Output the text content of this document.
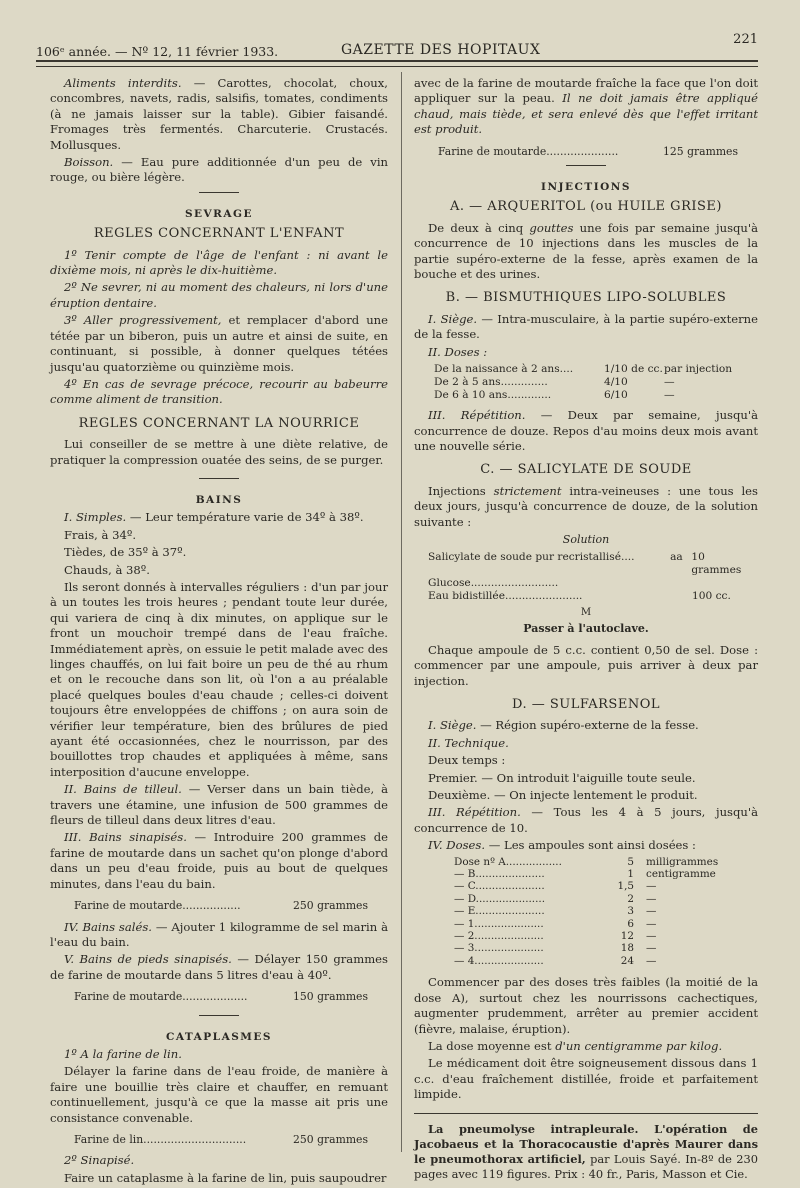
106ᵉ année. — Nº 12, 11 février 1933.	GAZETTE DES HOPITAUX
221

Aliments interdits. — Carottes, chocolat, choux, concombres, navets, radis, salsifis, tomates, condiments (à ne jamais laisser sur la table). Gibier faisandé. Fromages très fermentés. Charcuterie. Crustacés. Mollusques.

Boisson. — Eau pure additionnée d'un peu de vin rouge, ou bière légère.

SEVRAGE
REGLES CONCERNANT L'ENFANT

1º Tenir compte de l'âge de l'enfant : ni avant le dixième mois, ni après le dix-huitième.

2º Ne sevrer, ni au moment des chaleurs, ni lors d'une éruption dentaire.

3º Aller progressivement, et remplacer d'abord une tétée par un biberon, puis un autre et ainsi de suite, en continuant, si possible, à donner quelques tétées jusqu'au quatorzième ou quinzième mois.

4º En cas de sevrage précoce, recourir au babeurre comme aliment de transition.

REGLES CONCERNANT LA NOURRICE

Lui conseiller de se mettre à une diète relative, de pratiquer la compression ouatée des seins, de se purger.

BAINS

I. Simples. — Leur température varie de 34º à 38º.

Frais, à 34º.

Tièdes, de 35º à 37º.

Chauds, à 38º.

Ils seront donnés à intervalles réguliers : d'un par jour à un toutes les trois heures ; pendant toute leur durée, qui variera de cinq à dix minutes, on applique sur le front un mouchoir trempé dans de l'eau fraîche. Immédiatement après, on essuie le petit malade avec des linges chauffés, on lui fait boire un peu de thé au rhum et on le recouche dans son lit, où l'on a au préalable placé quelques boules d'eau chaude ; celles-ci doivent toujours être enveloppées de chiffons ; on aura soin de vérifier leur température, bien des brûlures de pied ayant été occasionnées, chez le nourrisson, par des bouillottes trop chaudes et appliquées à même, sans interposition d'aucune enveloppe.

II. Bains de tilleul. — Verser dans un bain tiède, à travers une étamine, une infusion de 500 grammes de fleurs de tilleul dans deux litres d'eau.

III. Bains sinapisés. — Introduire 200 grammes de farine de moutarde dans un sachet qu'on plonge d'abord dans un peu d'eau froide, puis au bout de quelques minutes, dans l'eau du bain.

Farine de moutarde.................	250 grammes

IV. Bains salés. — Ajouter 1 kilogramme de sel marin à l'eau du bain.

V. Bains de pieds sinapisés. — Délayer 150 grammes de farine de moutarde dans 5 litres d'eau à 40º.

Farine de moutarde...................	150 grammes
CATAPLASMES

1º A la farine de lin.

Délayer la farine dans de l'eau froide, de manière à faire une bouillie très claire et chauffer, en remuant continuellement, jusqu'à ce que la masse ait pris une consistance convenable.

Farine de lin..............................	250 grammes

2º Sinapisé.

Faire un cataplasme à la farine de lin, puis saupoudrer

avec de la farine de moutarde fraîche la face que l'on doit appliquer sur la peau. Il ne doit jamais être appliqué chaud, mais tiède, et sera enlevé dès que l'effet irritant est produit.

Farine de moutarde.....................	125 grammes
INJECTIONS
A. — ARQUERITOL (ou HUILE GRISE)

De deux à cinq gouttes une fois par semaine jusqu'à concurrence de 10 injections dans les muscles de la partie supéro-externe de la fesse, après examen de la bouche et des urines.

B. — BISMUTHIQUES LIPO-SOLUBLES

I. Siège. — Intra-musculaire, à la partie supéro-externe de la fesse.

II. Doses :

De la naissance à 2 ans....	1/10 de cc. par injection
De 2 à 5 ans..............	4/10	—
De 6 à 10 ans.............	6/10	—

III. Répétition. — Deux par semaine, jusqu'à concurrence de douze. Repos d'au moins deux mois avant une nouvelle série.

C. — SALICYLATE DE SOUDE

Injections strictement intra-veineuses : une tous les deux jours, jusqu'à concurrence de douze, de la solution suivante :

Solution

Salicylate de soude pur recristallisé....	aa 10 grammes
Glucose..........................
Eau bidistillée.......................	100 cc.

M

Passer à l'autoclave.

Chaque ampoule de 5 c.c. contient 0,50 de sel. Dose : commencer par une ampoule, puis arriver à deux par injection.

D. — SULFARSENOL

I. Siège. — Région supéro-externe de la fesse.

II. Technique.

Deux temps :

Premier. — On introduit l'aiguille toute seule.

Deuxième. — On injecte lentement le produit.

III. Répétition. — Tous les 4 à 5 jours, jusqu'à concurrence de 10.

IV. Doses. — Les ampoules sont ainsi dosées :

Dose nº A.................	5	milligrammes
— B.....................	1	centigramme
— C.....................	1,5	—
— D.....................	2	—
— E.....................	3	—
— 1.....................	6	—
— 2.....................	12	—
— 3.....................	18	—
— 4.....................	24	—

Commencer par des doses très faibles (la moitié de la dose A), surtout chez les nourrissons cachectiques, augmenter prudemment, arrêter au premier accident (fièvre, malaise, éruption).

La dose moyenne est d'un centigramme par kilog.

Le médicament doit être soigneusement dissous dans 1 c.c. d'eau fraîchement distillée, froide et parfaitement limpide.

La pneumolyse intrapleurale. L'opération de Jacobaeus et la Thoracocaustie d'après Maurer dans le pneumothorax artificiel, par Louis Sayé. In-8º de 230 pages avec 119 figures. Prix : 40 fr., Paris, Masson et Cie.
